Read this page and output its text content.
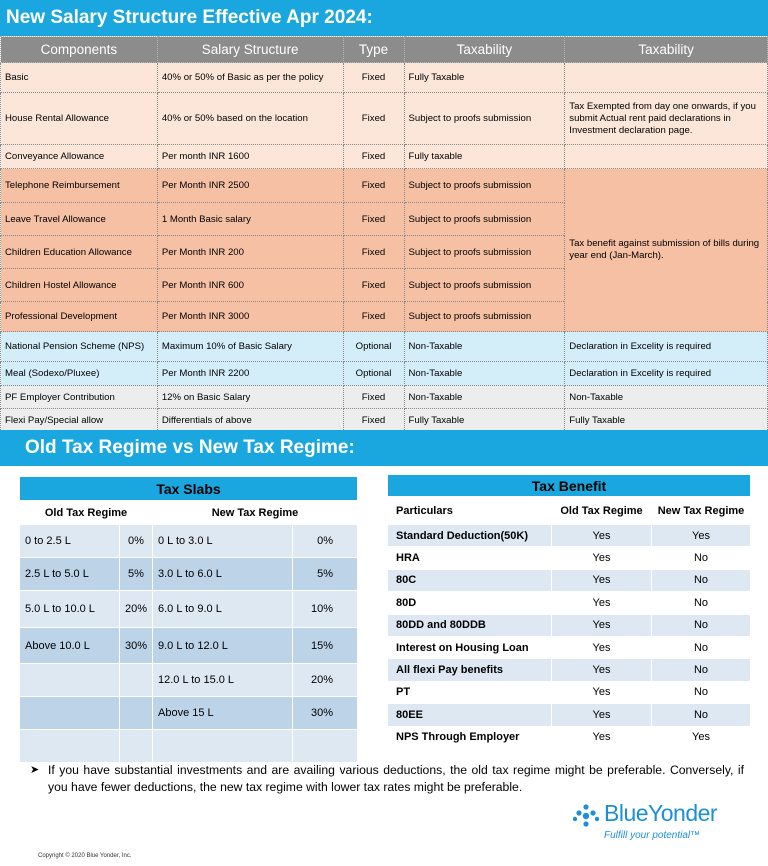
New Salary Structure Effective Apr 2024:
Components	Salary Structure	Type	Taxability	Taxability
Basic	40% or 50% of Basic as per the policy	Fixed	Fully Taxable	
House Rental Allowance	40% or 50% based on the location	Fixed	Subject to proofs submission	Tax Exempted from day one onwards, if you submit Actual rent paid declarations in Investment declaration page.
Conveyance Allowance	Per month INR 1600	Fixed	Fully taxable	
Telephone Reimbursement	Per Month INR 2500	Fixed	Subject to proofs submission	Tax benefit against submission of bills during year end (Jan-March).
Leave Travel Allowance	1 Month Basic salary	Fixed	Subject to proofs submission	
Children Education Allowance	Per Month INR 200	Fixed	Subject to proofs submission	
Children Hostel Allowance	Per Month INR 600	Fixed	Subject to proofs submission	
Professional Development	Per Month INR 3000	Fixed	Subject to proofs submission	
National Pension Scheme (NPS)	Maximum 10% of Basic Salary	Optional	Non-Taxable	Declaration in Excelity is required
Meal (Sodexo/Pluxee)	Per Month INR 2200	Optional	Non-Taxable	Declaration in Excelity is required
PF Employer Contribution	12% on Basic Salary	Fixed	Non-Taxable	Non-Taxable
Flexi Pay/Special allow	Differentials of above	Fixed	Fully Taxable	Fully Taxable
Old Tax Regime vs New Tax Regime:
Tax Slabs			
Old Tax Regime		New Tax Regime	
0 to 2.5 L	0%	0 L to 3.0 L	0%
2.5 L to 5.0 L	5%	3.0 L to 6.0 L	5%
5.0 L to 10.0 L	20%	6.0 L to 9.0 L	10%
Above 10.0 L	30%	9.0 L to 12.0 L	15%
		12.0 L to 15.0 L	20%
		Above 15 L	30%

Tax Benefit		
Particulars	Old Tax Regime	New Tax Regime
Standard Deduction(50K)	Yes	Yes
HRA	Yes	No
80C	Yes	No
80D	Yes	No
80DD and 80DDB	Yes	No
Interest on Housing Loan	Yes	No
All flexi Pay benefits	Yes	No
PT	Yes	No
80EE	Yes	No
NPS Through Employer	Yes	Yes
➤ If you have substantial investments and are availing various deductions, the old tax regime might be preferable. Conversely, if you have fewer deductions, the new tax regime with lower tax rates might be preferable.
BlueYonder
Fulfill your potential™
Copyright © 2020 Blue Yonder, Inc.
